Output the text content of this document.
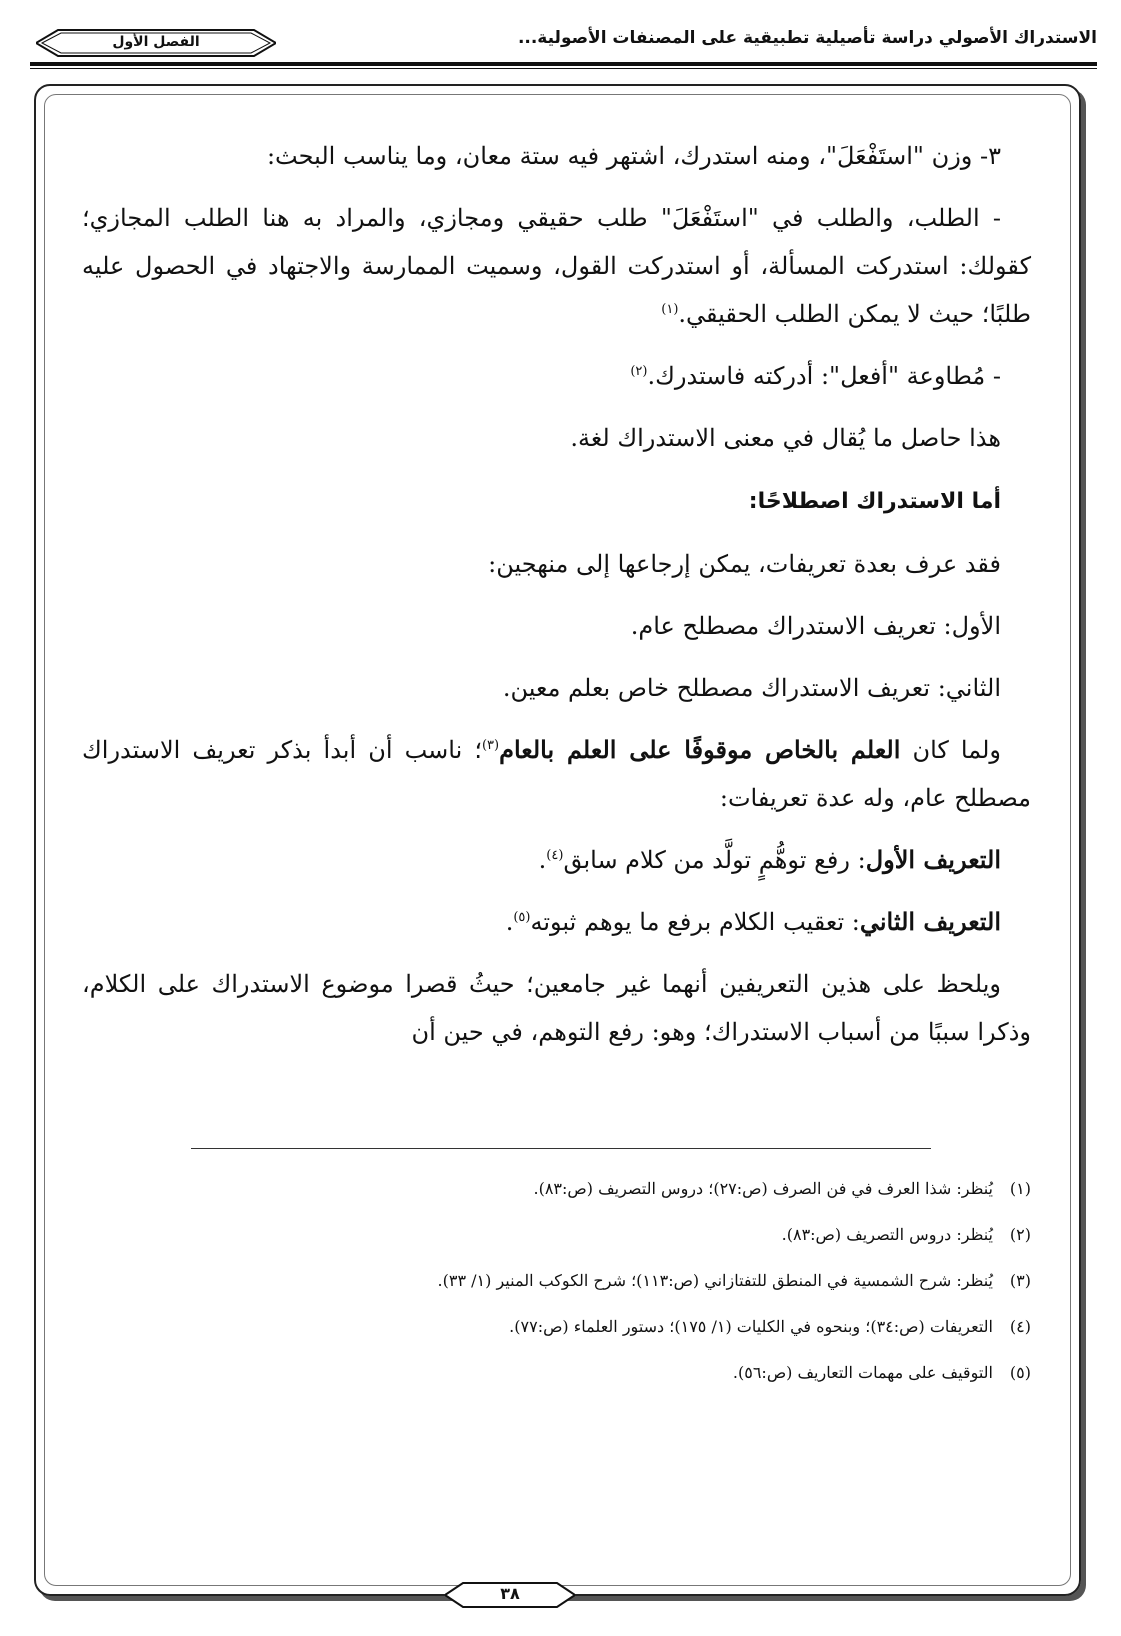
الاستدراك الأصولي دراسة تأصيلية تطبيقية على المصنفات الأصولية...
الفصل الأول

٣- وزن "استَفْعَلَ"، ومنه استدرك، اشتهر فيه ستة معان، وما يناسب البحث:

- الطلب، والطلب في "استَفْعَلَ" طلب حقيقي ومجازي، والمراد به هنا الطلب المجازي؛ كقولك: استدركت المسألة، أو استدركت القول، وسميت الممارسة والاجتهاد في الحصول عليه طلبًا؛ حيث لا يمكن الطلب الحقيقي.$^{(١)}$

- مُطاوعة "أفعل": أدركته فاستدرك.$^{(٢)}$

هذا حاصل ما يُقال في معنى الاستدراك لغة.

أما الاستدراك اصطلاحًا:

فقد عرف بعدة تعريفات، يمكن إرجاعها إلى منهجين:

الأول: تعريف الاستدراك مصطلح عام.

الثاني: تعريف الاستدراك مصطلح خاص بعلم معين.

ولما كان العلم بالخاص موقوفًا على العلم بالعام$^{(٣)}$؛ ناسب أن أبدأ بذكر تعريف الاستدراك مصطلح عام، وله عدة تعريفات:

التعريف الأول: رفع توهُّمٍ تولَّد من كلام سابق$^{(٤)}$.

التعريف الثاني: تعقيب الكلام برفع ما يوهم ثبوته$^{(٥)}$.

ويلحظ على هذين التعريفين أنهما غير جامعين؛ حيثُ قصرا موضوع الاستدراك على الكلام، وذكرا سببًا من أسباب الاستدراك؛ وهو: رفع التوهم، في حين أن

(١)يُنظر: شذا العرف في فن الصرف (ص:٢٧)؛ دروس التصريف (ص:٨٣).
(٢)يُنظر: دروس التصريف (ص:٨٣).
(٣)يُنظر: شرح الشمسية في المنطق للتفتازاني (ص:١١٣)؛ شرح الكوكب المنير (١/ ٣٣).
(٤)التعريفات (ص:٣٤)؛ وبنحوه في الكليات (١/ ١٧٥)؛ دستور العلماء (ص:٧٧).
(٥)التوقيف على مهمات التعاريف (ص:٥٦).
٣٨
